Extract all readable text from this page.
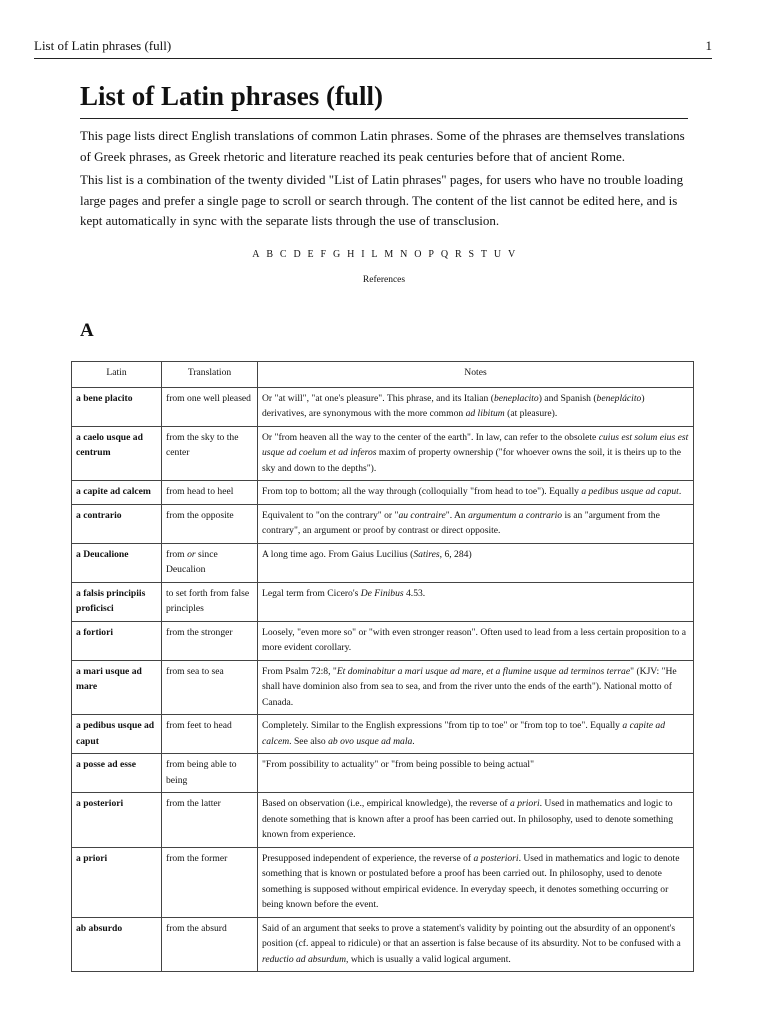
List of Latin phrases (full)	1
List of Latin phrases (full)

This page lists direct English translations of common Latin phrases. Some of the phrases are themselves translations of Greek phrases, as Greek rhetoric and literature reached its peak centuries before that of ancient Rome.

This list is a combination of the twenty divided "List of Latin phrases" pages, for users who have no trouble loading large pages and prefer a single page to scroll or search through. The content of the list cannot be edited here, and is kept automatically in sync with the separate lists through the use of transclusion.

A B C D E F G H I L M N O P Q R S T U V
References
A
Latin	Translation	Notes
a bene placito	from one well pleased	Or "at will", "at one's pleasure". This phrase, and its Italian (beneplacito) and Spanish (beneplácito) derivatives, are synonymous with the more common ad libitum (at pleasure).
a caelo usque ad centrum	from the sky to the center	Or "from heaven all the way to the center of the earth". In law, can refer to the obsolete cuius est solum eius est usque ad coelum et ad inferos maxim of property ownership ("for whoever owns the soil, it is theirs up to the sky and down to the depths").
a capite ad calcem	from head to heel	From top to bottom; all the way through (colloquially "from head to toe"). Equally a pedibus usque ad caput.
a contrario	from the opposite	Equivalent to "on the contrary" or "au contraire". An argumentum a contrario is an "argument from the contrary", an argument or proof by contrast or direct opposite.
a Deucalione	from or since Deucalion	A long time ago. From Gaius Lucilius (Satires, 6, 284)
a falsis principiis proficisci	to set forth from false principles	Legal term from Cicero's De Finibus 4.53.
a fortiori	from the stronger	Loosely, "even more so" or "with even stronger reason". Often used to lead from a less certain proposition to a more evident corollary.
a mari usque ad mare	from sea to sea	From Psalm 72:8, "Et dominabitur a mari usque ad mare, et a flumine usque ad terminos terrae" (KJV: "He shall have dominion also from sea to sea, and from the river unto the ends of the earth"). National motto of Canada.
a pedibus usque ad caput	from feet to head	Completely. Similar to the English expressions "from tip to toe" or "from top to toe". Equally a capite ad calcem. See also ab ovo usque ad mala.
a posse ad esse	from being able to being	"From possibility to actuality" or "from being possible to being actual"
a posteriori	from the latter	Based on observation (i.e., empirical knowledge), the reverse of a priori. Used in mathematics and logic to denote something that is known after a proof has been carried out. In philosophy, used to denote something known from experience.
a priori	from the former	Presupposed independent of experience, the reverse of a posteriori. Used in mathematics and logic to denote something that is known or postulated before a proof has been carried out. In philosophy, used to denote something is supposed without empirical evidence. In everyday speech, it denotes something occurring or being known before the event.
ab absurdo	from the absurd	Said of an argument that seeks to prove a statement's validity by pointing out the absurdity of an opponent's position (cf. appeal to ridicule) or that an assertion is false because of its absurdity. Not to be confused with a reductio ad absurdum, which is usually a valid logical argument.
